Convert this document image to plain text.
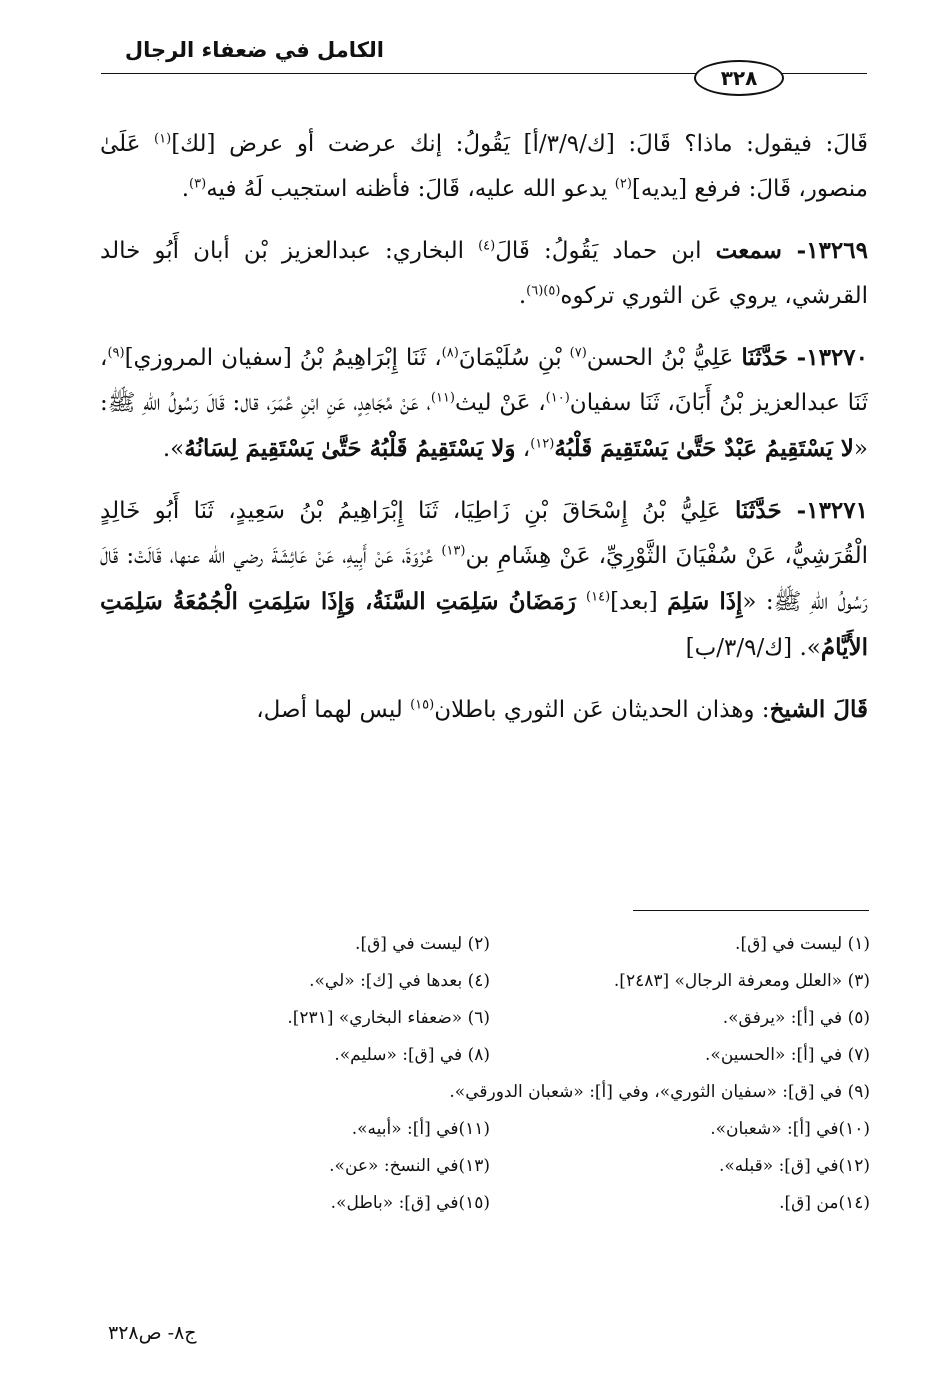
الكامل في ضعفاء الرجال
٣٢٨

قَالَ: فيقول: ماذا؟ قَالَ: [ك/٣/٩/أ] يَقُولُ: إنك عرضت أو عرض [لك]$^{(١)}$ عَلَىٰ منصور، قَالَ: فرفع [يديه]$^{(٢)}$ يدعو الله عليه، قَالَ: فأظنه استجيب لَهُ فيه$^{(٣)}$.

١٣٢٦٩- سمعت ابن حماد يَقُولُ: قَالَ$^{(٤)}$ البخاري: عبدالعزيز بْن أبان أَبُو خالد القرشي، يروي عَن الثوري تركوه$^{(٥)(٦)}$.

١٣٢٧٠- حَدَّثَنَا عَلِيُّ بْنُ الحسن$^{(٧)}$ بْنِ سُلَيْمَانَ$^{(٨)}$، ثَنَا إِبْرَاهِيمُ بْنُ [سفيان المروزي]$^{(٩)}$، ثَنَا عبدالعزيز بْنُ أَبَانَ، ثَنَا سفيان$^{(١٠)}$، عَنْ ليث$^{(١١)}$، عَنْ مُجَاهِدٍ، عَنِ ابْنِ عُمَرَ، قال: قَالَ رَسُولُ اللهِ ﷺ: «لا يَسْتَقِيمُ عَبْدٌ حَتَّىٰ يَسْتَقِيمَ قَلْبُهُ$^{(١٢)}$، وَلا يَسْتَقِيمُ قَلْبُهُ حَتَّىٰ يَسْتَقِيمَ لِسَانُهُ».

١٣٢٧١- حَدَّثَنَا عَلِيُّ بْنُ إِسْحَاقَ بْنِ زَاطِيَا، ثَنَا إِبْرَاهِيمُ بْنُ سَعِيدٍ، ثَنَا أَبُو خَالِدٍ الْقُرَشِيُّ، عَنْ سُفْيَانَ الثَّوْرِيِّ، عَنْ هِشَامِ بن$^{(١٣)}$ عُرْوَةَ، عَنْ أَبِيهِ، عَنْ عَائِشَةَ رضي الله عنها، قَالَتْ: قَالَ رَسُولُ اللهِ ﷺ: «إِذَا سَلِمَ [بعد]$^{(١٤)}$ رَمَضَانُ سَلِمَتِ السَّنَةُ، وَإِذَا سَلِمَتِ الْجُمُعَةُ سَلِمَتِ الأَيَّامُ». [ك/٣/٩/ب]

قَالَ الشيخ: وهذان الحديثان عَن الثوري باطلان$^{(١٥)}$ ليس لهما أصل،

(١) ليست في [ق].
(٢) ليست في [ق].
(٣) «العلل ومعرفة الرجال» [٢٤٨٣].
(٤) بعدها في [ك]: «لي».
(٥) في [أ]: «يرفق».
(٦) «ضعفاء البخاري» [٢٣١].
(٧) في [أ]: «الحسين».
(٨) في [ق]: «سليم».
(٩) في [ق]: «سفيان الثوري»، وفي [أ]: «شعبان الدورقي».
(١٠)في [أ]: «شعبان».
(١١)في [أ]: «أبيه».
(١٢)في [ق]: «قبله».
(١٣)في النسخ: «عن».
(١٤)من [ق].
(١٥)في [ق]: «باطل».
ج٨- ص٣٢٨
